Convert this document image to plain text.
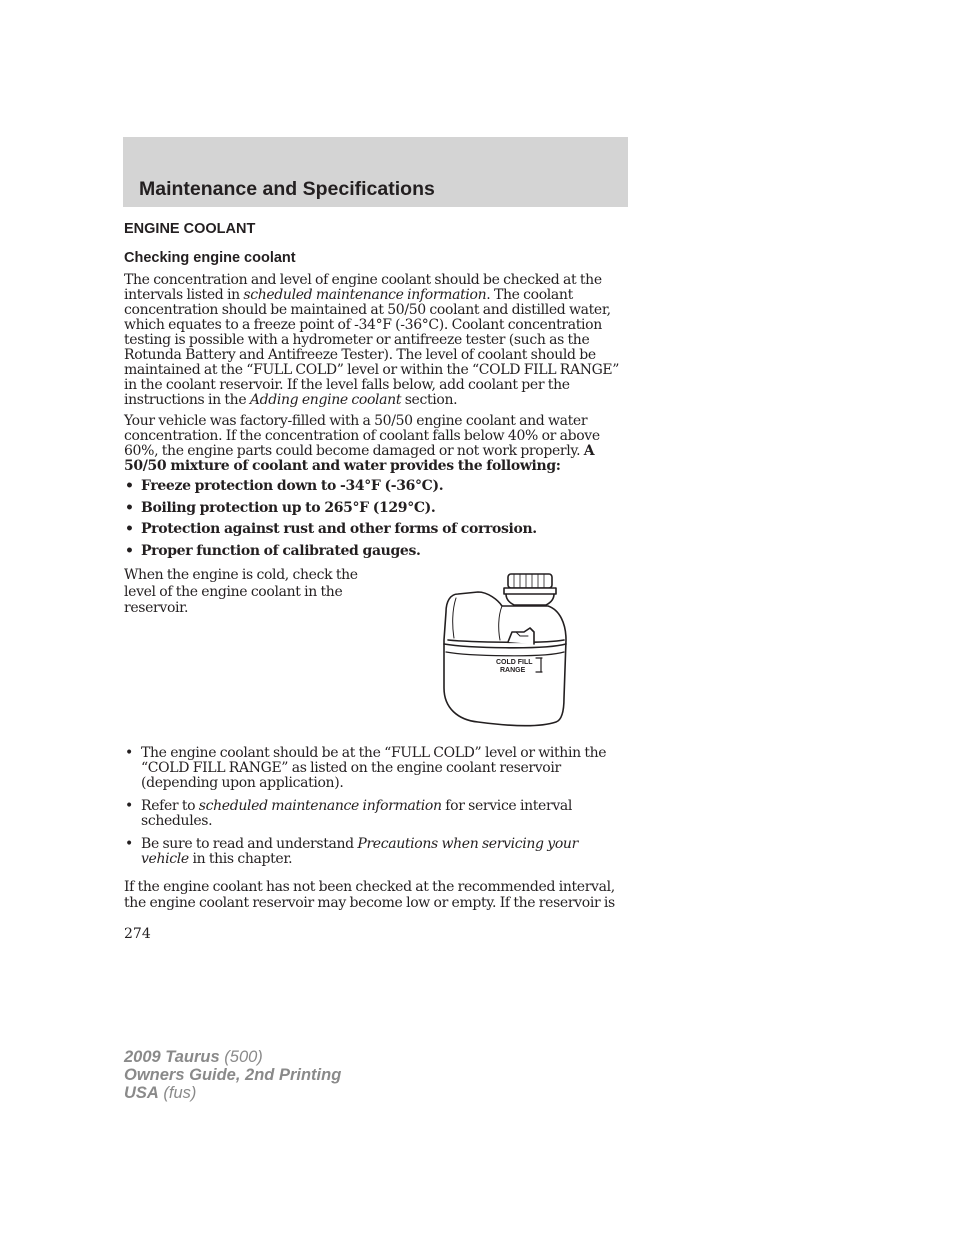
Maintenance and Specifications
ENGINE COOLANT
Checking engine coolant

The concentration and level of engine coolant should be checked at the intervals listed in scheduled maintenance information. The coolant concentration should be maintained at 50/50 coolant and distilled water, which equates to a freeze point of -34°F (-36°C). Coolant concentration testing is possible with a hydrometer or antifreeze tester (such as the Rotunda Battery and Antifreeze Tester). The level of coolant should be maintained at the “FULL COLD” level or within the “COLD FILL RANGE” in the coolant reservoir. If the level falls below, add coolant per the instructions in the Adding engine coolant section.

Your vehicle was factory-filled with a 50/50 engine coolant and water concentration. If the concentration of coolant falls below 40% or above 60%, the engine parts could become damaged or not work properly. A 50/50 mixture of coolant and water provides the following:

• Freeze protection down to -34°F (-36°C).
• Boiling protection up to 265°F (129°C).
• Protection against rust and other forms of corrosion.
• Proper function of calibrated gauges.

When the engine is cold, check the level of the engine coolant in the reservoir.

COLD FILL
RANGE
• The engine coolant should be at the “FULL COLD” level or within the “COLD FILL RANGE” as listed on the engine coolant reservoir (depending upon application).
• Refer to scheduled maintenance information for service interval schedules.
• Be sure to read and understand Precautions when servicing your vehicle in this chapter.

If the engine coolant has not been checked at the recommended interval, the engine coolant reservoir may become low or empty. If the reservoir is

274

2009 Taurus (500)
Owners Guide, 2nd Printing
USA (fus)
